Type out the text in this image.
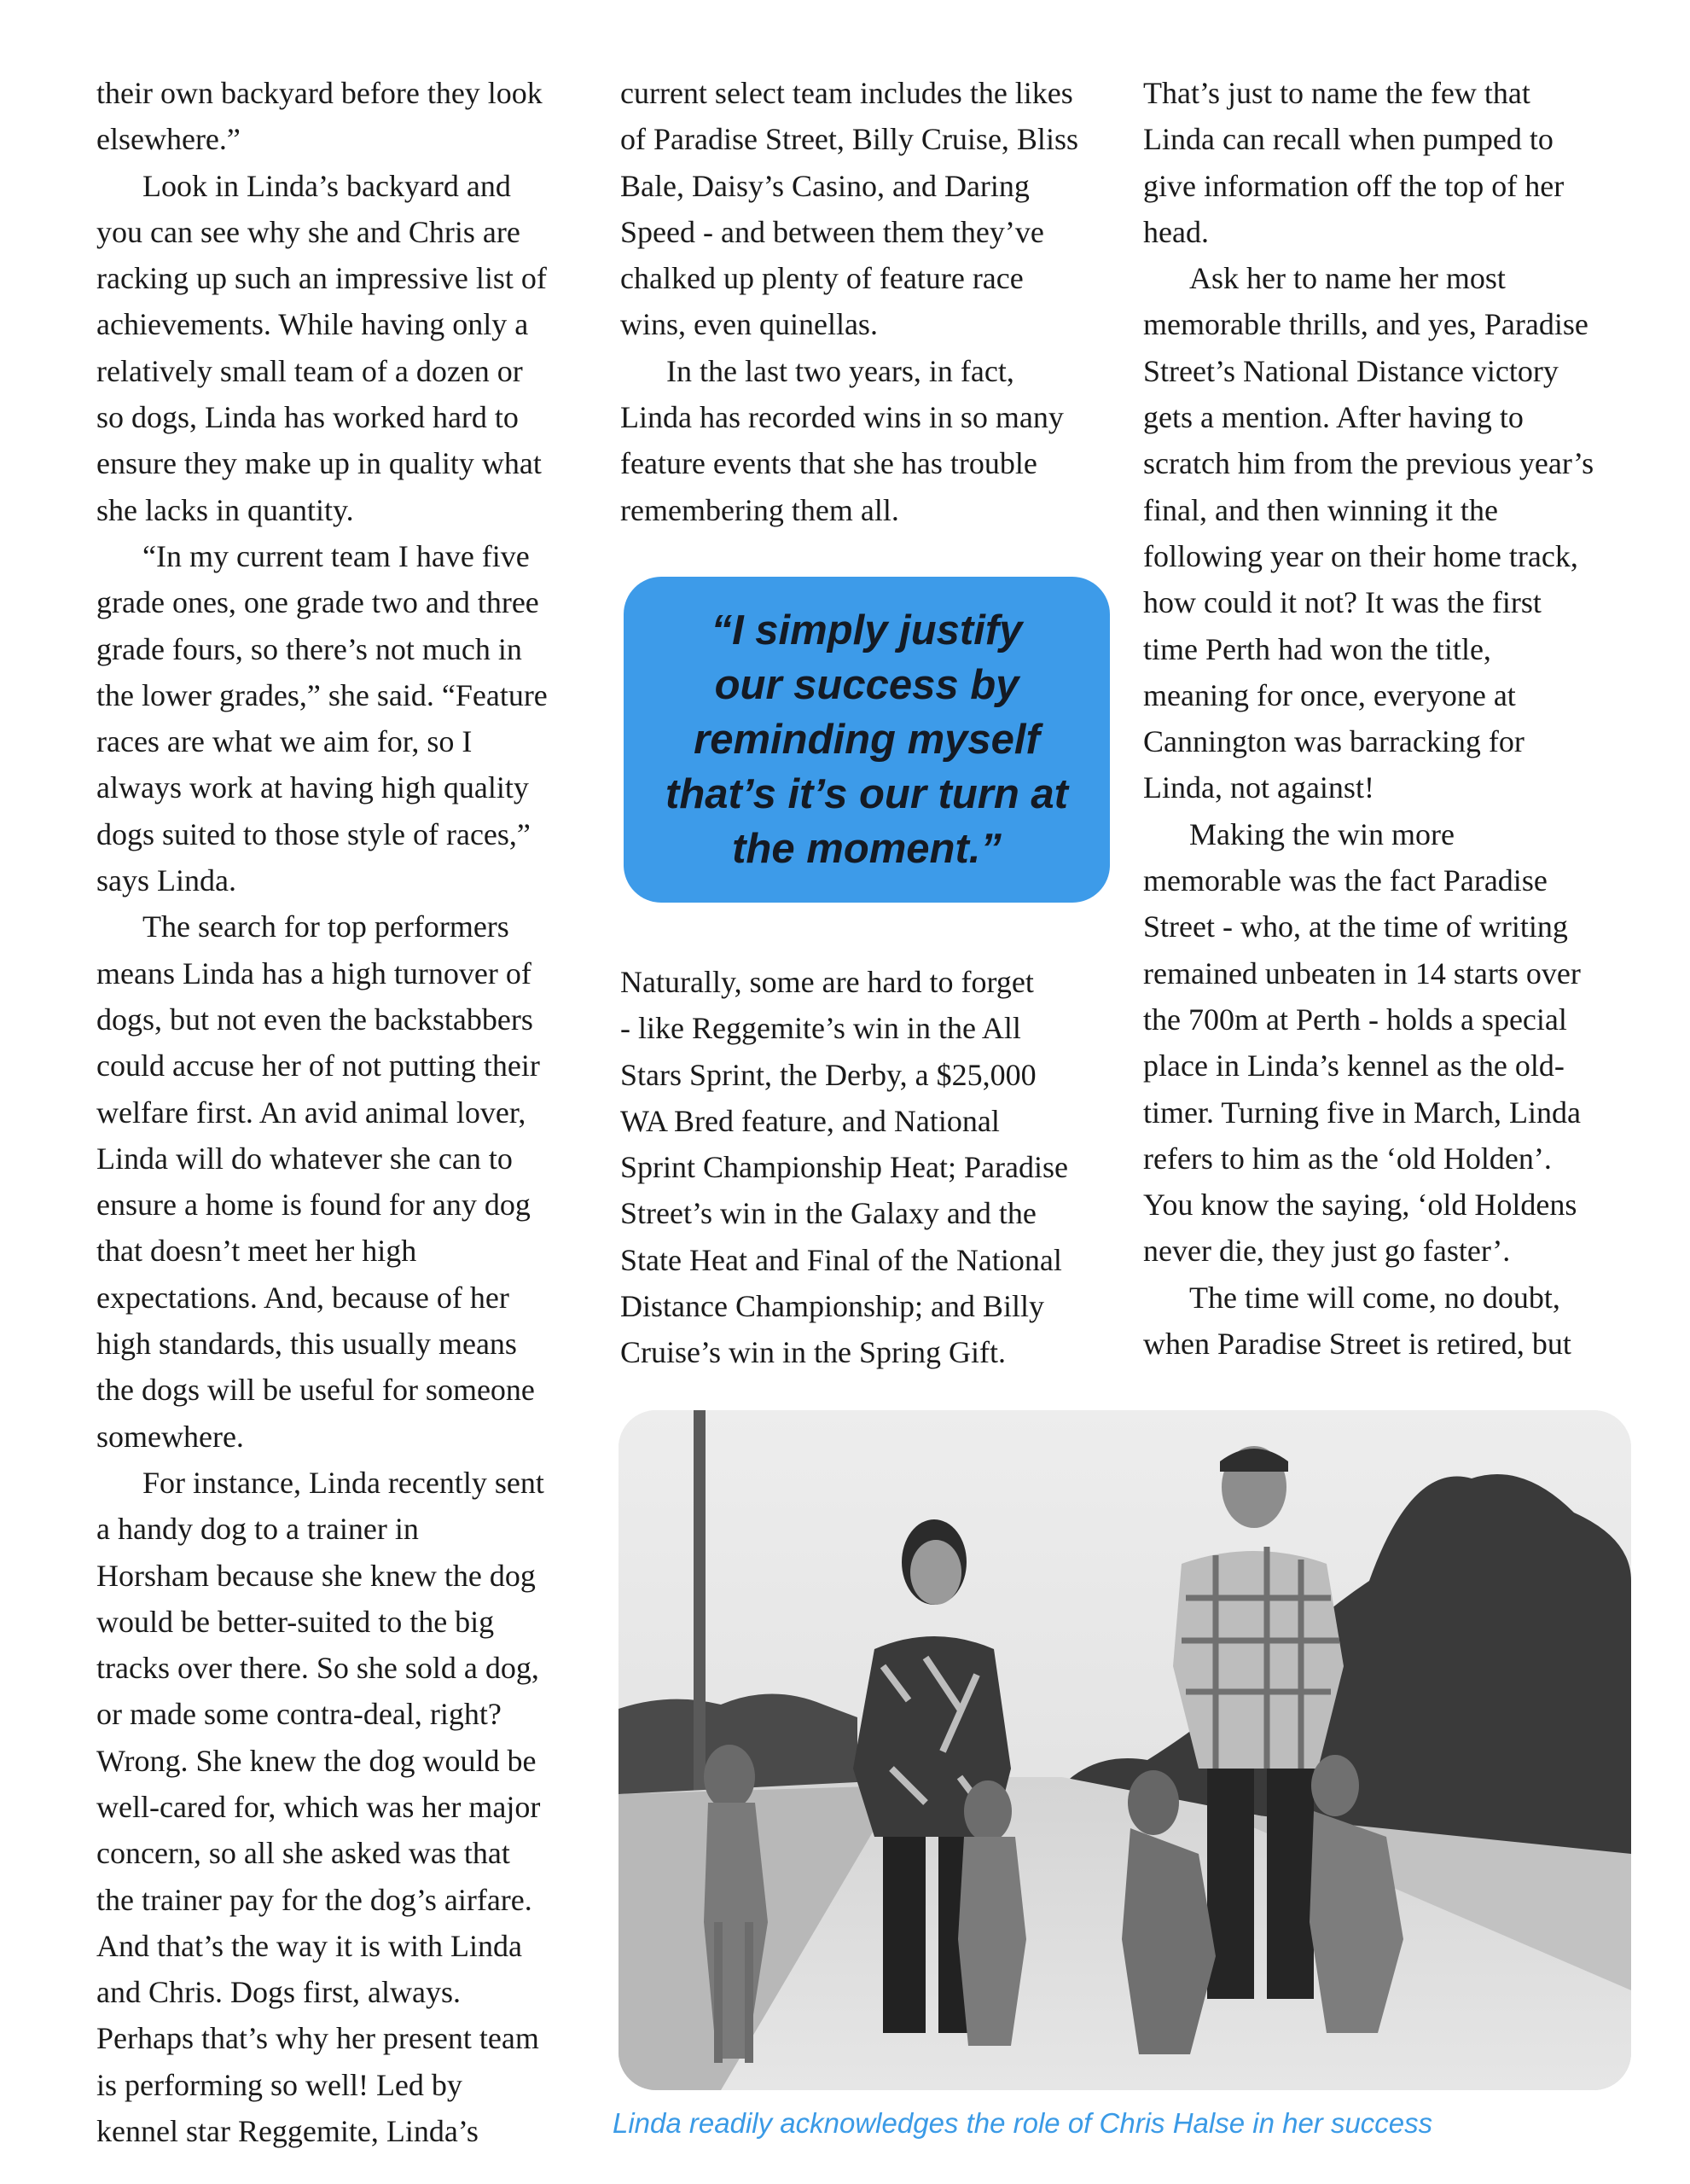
their own backyard before they look
elsewhere.”
Look in Linda’s backyard and
you can see why she and Chris are
racking up such an impressive list of
achievements. While having only a
relatively small team of a dozen or
so dogs, Linda has worked hard to
ensure they make up in quality what
she lacks in quantity.
“In my current team I have five
grade ones, one grade two and three
grade fours, so there’s not much in
the lower grades,” she said. “Feature
races are what we aim for, so I
always work at having high quality
dogs suited to those style of races,”
says Linda.
The search for top performers
means Linda has a high turnover of
dogs, but not even the backstabbers
could accuse her of not putting their
welfare first. An avid animal lover,
Linda will do whatever she can to
ensure a home is found for any dog
that doesn’t meet her high
expectations. And, because of her
high standards, this usually means
the dogs will be useful for someone
somewhere.
For instance, Linda recently sent
a handy dog to a trainer in
Horsham because she knew the dog
would be better-suited to the big
tracks over there. So she sold a dog,
or made some contra-deal, right?
Wrong. She knew the dog would be
well-cared for, which was her major
concern, so all she asked was that
the trainer pay for the dog’s airfare.
And that’s the way it is with Linda
and Chris. Dogs first, always.
Perhaps that’s why her present team
is performing so well! Led by
kennel star Reggemite, Linda’s
current select team includes the likes
of Paradise Street, Billy Cruise, Bliss
Bale, Daisy’s Casino, and Daring
Speed - and between them they’ve
chalked up plenty of feature race
wins, even quinellas.
In the last two years, in fact,
Linda has recorded wins in so many
feature events that she has trouble
remembering them all.
“I simply justify
our success by
reminding myself
that’s it’s our turn at
the moment.”
Naturally, some are hard to forget
- like Reggemite’s win in the All
Stars Sprint, the Derby, a $25,000
WA Bred feature, and National
Sprint Championship Heat; Paradise
Street’s win in the Galaxy and the
State Heat and Final of the National
Distance Championship; and Billy
Cruise’s win in the Spring Gift.
That’s just to name the few that
Linda can recall when pumped to
give information off the top of her
head.
Ask her to name her most
memorable thrills, and yes, Paradise
Street’s National Distance victory
gets a mention. After having to
scratch him from the previous year’s
final, and then winning it the
following year on their home track,
how could it not? It was the first
time Perth had won the title,
meaning for once, everyone at
Cannington was barracking for
Linda, not against!
Making the win more
memorable was the fact Paradise
Street - who, at the time of writing
remained unbeaten in 14 starts over
the 700m at Perth - holds a special
place in Linda’s kennel as the old-
timer. Turning five in March, Linda
refers to him as the ‘old Holden’.
You know the saying, ‘old Holdens
never die, they just go faster’.
The time will come, no doubt,
when Paradise Street is retired, but
Linda readily acknowledges the role of Chris Halse in her success
